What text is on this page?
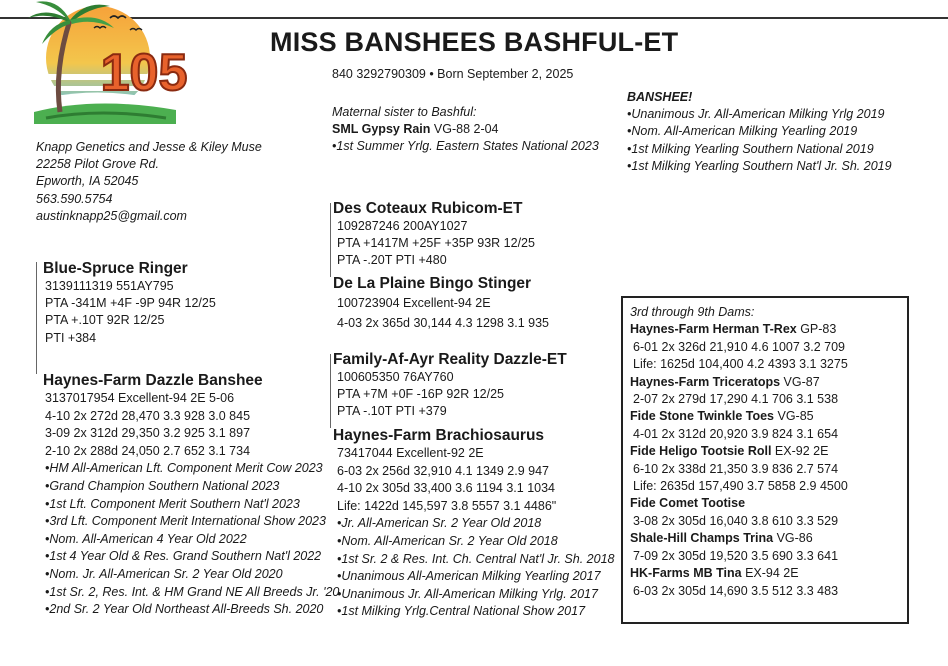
105
MISS BANSHEES BASHFUL-ET
840 3292790309 • Born September 2, 2025
Knapp Genetics and Jesse & Kiley Muse
22258 Pilot Grove Rd.
Epworth, IA 52045
563.590.5754
austinknapp25@gmail.com
Maternal sister to Bashful:
SML Gypsy Rain VG-88 2-04
•1st Summer Yrlg. Eastern States National 2023
BANSHEE!
•Unanimous Jr. All-American Milking Yrlg 2019
•Nom. All-American Milking Yearling 2019
•1st Milking Yearling Southern National 2019
•1st Milking Yearling Southern Nat'l Jr. Sh. 2019
Blue-Spruce Ringer
3139111319 551AY795
PTA -341M +4F -9P 94R 12/25
PTA +.10T 92R 12/25
PTI +384
Haynes-Farm Dazzle Banshee
3137017954 Excellent-94 2E 5-06
4-10 2x 272d 28,470 3.3 928 3.0 845
3-09 2x 312d 29,350 3.2 925 3.1 897
2-10 2x 288d 24,050 2.7 652 3.1 734
•HM All-American Lft. Component Merit Cow 2023
•Grand Champion Southern National 2023
•1st Lft. Component Merit Southern Nat'l 2023
•3rd Lft. Component Merit International Show 2023
•Nom. All-American 4 Year Old 2022
•1st 4 Year Old & Res. Grand Southern Nat'l 2022
•Nom. Jr. All-American Sr. 2 Year Old 2020
•1st Sr. 2, Res. Int. & HM Grand NE All Breeds Jr. '20
•2nd Sr. 2 Year Old Northeast All-Breeds Sh. 2020
Des Coteaux Rubicom-ET
109287246 200AY1027
PTA +1417M +25F +35P 93R 12/25
PTA -.20T PTI +480
De La Plaine Bingo Stinger
100723904 Excellent-94 2E
4-03 2x 365d 30,144 4.3 1298 3.1 935
Family-Af-Ayr Reality Dazzle-ET
100605350 76AY760
PTA +7M +0F -16P 92R 12/25
PTA -.10T PTI +379
Haynes-Farm Brachiosaurus
73417044 Excellent-92 2E
6-03 2x 256d 32,910 4.1 1349 2.9 947
4-10 2x 305d 33,400 3.6 1194 3.1 1034
Life: 1422d 145,597 3.8 5557 3.1 4486"
•Jr. All-American Sr. 2 Year Old 2018
•Nom. All-American Sr. 2 Year Old 2018
•1st Sr. 2 & Res. Int. Ch. Central Nat'l Jr. Sh. 2018
•Unanimous All-American Milking Yearling 2017
•Unanimous Jr. All-American Milking Yrlg. 2017
•1st Milking Yrlg.Central National Show 2017
3rd through 9th Dams:
Haynes-Farm Herman T-Rex GP-83
6-01 2x 326d 21,910 4.6 1007 3.2 709
Life: 1625d 104,400 4.2 4393 3.1 3275
Haynes-Farm Triceratops VG-87
2-07 2x 279d 17,290 4.1 706 3.1 538
Fide Stone Twinkle Toes VG-85
4-01 2x 312d 20,920 3.9 824 3.1 654
Fide Heligo Tootsie Roll EX-92 2E
6-10 2x 338d 21,350 3.9 836 2.7 574
Life: 2635d 157,490 3.7 5858 2.9 4500
Fide Comet Tootise
3-08 2x 305d 16,040 3.8 610 3.3 529
Shale-Hill Champs Trina VG-86
7-09 2x 305d 19,520 3.5 690 3.3 641
HK-Farms MB Tina EX-94 2E
6-03 2x 305d 14,690 3.5 512 3.3 483
